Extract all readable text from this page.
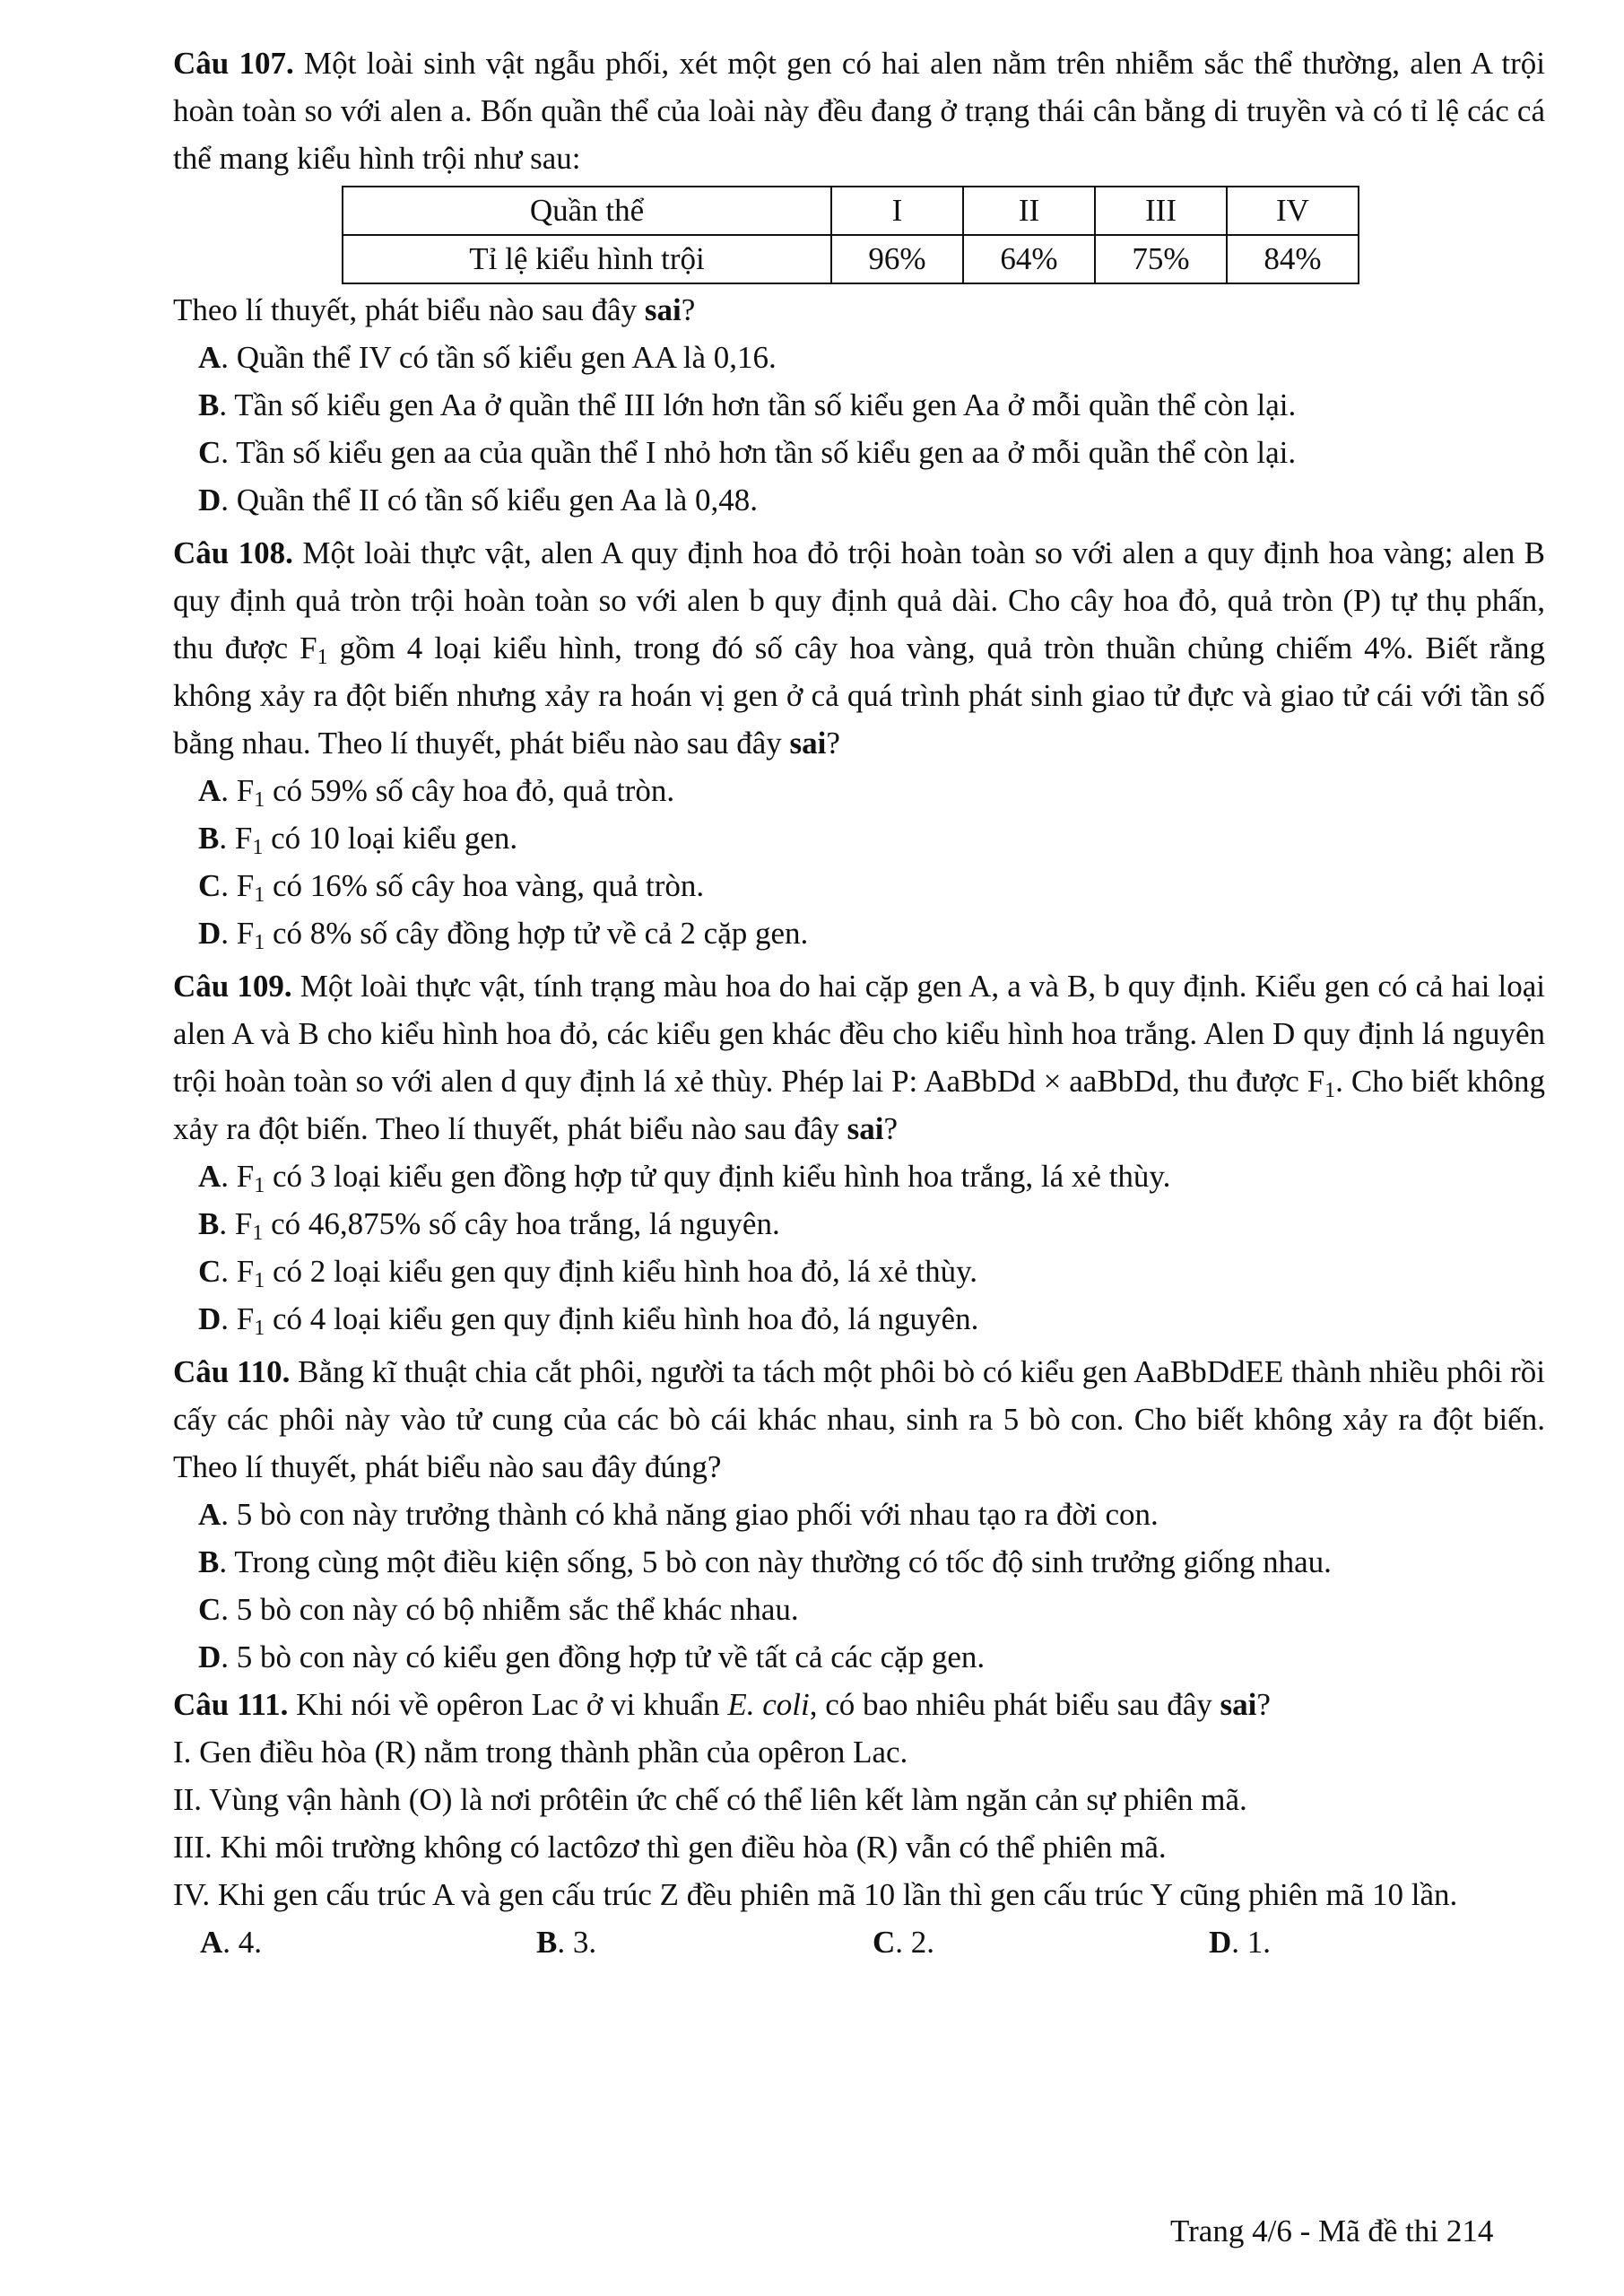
Câu 107. Một loài sinh vật ngẫu phối, xét một gen có hai alen nằm trên nhiễm sắc thể thường, alen A trội hoàn toàn so với alen a. Bốn quần thể của loài này đều đang ở trạng thái cân bằng di truyền và có tỉ lệ các cá thể mang kiểu hình trội như sau:

Quần thể	I	II	III	IV
Tỉ lệ kiểu hình trội	96%	64%	75%	84%

Theo lí thuyết, phát biểu nào sau đây sai?

A. Quần thể IV có tần số kiểu gen AA là 0,16.

B. Tần số kiểu gen Aa ở quần thể III lớn hơn tần số kiểu gen Aa ở mỗi quần thể còn lại.

C. Tần số kiểu gen aa của quần thể I nhỏ hơn tần số kiểu gen aa ở mỗi quần thể còn lại.

D. Quần thể II có tần số kiểu gen Aa là 0,48.

Câu 108. Một loài thực vật, alen A quy định hoa đỏ trội hoàn toàn so với alen a quy định hoa vàng; alen B quy định quả tròn trội hoàn toàn so với alen b quy định quả dài. Cho cây hoa đỏ, quả tròn (P) tự thụ phấn, thu được $F_1$ gồm 4 loại kiểu hình, trong đó số cây hoa vàng, quả tròn thuần chủng chiếm 4%. Biết rằng không xảy ra đột biến nhưng xảy ra hoán vị gen ở cả quá trình phát sinh giao tử đực và giao tử cái với tần số bằng nhau. Theo lí thuyết, phát biểu nào sau đây sai?

A. $F_1$ có 59% số cây hoa đỏ, quả tròn.

B. $F_1$ có 10 loại kiểu gen.

C. $F_1$ có 16% số cây hoa vàng, quả tròn.

D. $F_1$ có 8% số cây đồng hợp tử về cả 2 cặp gen.

Câu 109. Một loài thực vật, tính trạng màu hoa do hai cặp gen A, a và B, b quy định. Kiểu gen có cả hai loại alen A và B cho kiểu hình hoa đỏ, các kiểu gen khác đều cho kiểu hình hoa trắng. Alen D quy định lá nguyên trội hoàn toàn so với alen d quy định lá xẻ thùy. Phép lai P: AaBbDd × aaBbDd, thu được $F_1$. Cho biết không xảy ra đột biến. Theo lí thuyết, phát biểu nào sau đây sai?

A. $F_1$ có 3 loại kiểu gen đồng hợp tử quy định kiểu hình hoa trắng, lá xẻ thùy.

B. $F_1$ có 46,875% số cây hoa trắng, lá nguyên.

C. $F_1$ có 2 loại kiểu gen quy định kiểu hình hoa đỏ, lá xẻ thùy.

D. $F_1$ có 4 loại kiểu gen quy định kiểu hình hoa đỏ, lá nguyên.

Câu 110. Bằng kĩ thuật chia cắt phôi, người ta tách một phôi bò có kiểu gen AaBbDdEE thành nhiều phôi rồi cấy các phôi này vào tử cung của các bò cái khác nhau, sinh ra 5 bò con. Cho biết không xảy ra đột biến. Theo lí thuyết, phát biểu nào sau đây đúng?

A. 5 bò con này trưởng thành có khả năng giao phối với nhau tạo ra đời con.

B. Trong cùng một điều kiện sống, 5 bò con này thường có tốc độ sinh trưởng giống nhau.

C. 5 bò con này có bộ nhiễm sắc thể khác nhau.

D. 5 bò con này có kiểu gen đồng hợp tử về tất cả các cặp gen.

Câu 111. Khi nói về opêron Lac ở vi khuẩn E. coli, có bao nhiêu phát biểu sau đây sai?

I. Gen điều hòa (R) nằm trong thành phần của opêron Lac.

II. Vùng vận hành (O) là nơi prôtêin ức chế có thể liên kết làm ngăn cản sự phiên mã.

III. Khi môi trường không có lactôzơ thì gen điều hòa (R) vẫn có thể phiên mã.

IV. Khi gen cấu trúc A và gen cấu trúc Z đều phiên mã 10 lần thì gen cấu trúc Y cũng phiên mã 10 lần.

A. 4.	B. 3.	C. 2.	D. 1.
Trang 4/6 - Mã đề thi 214
